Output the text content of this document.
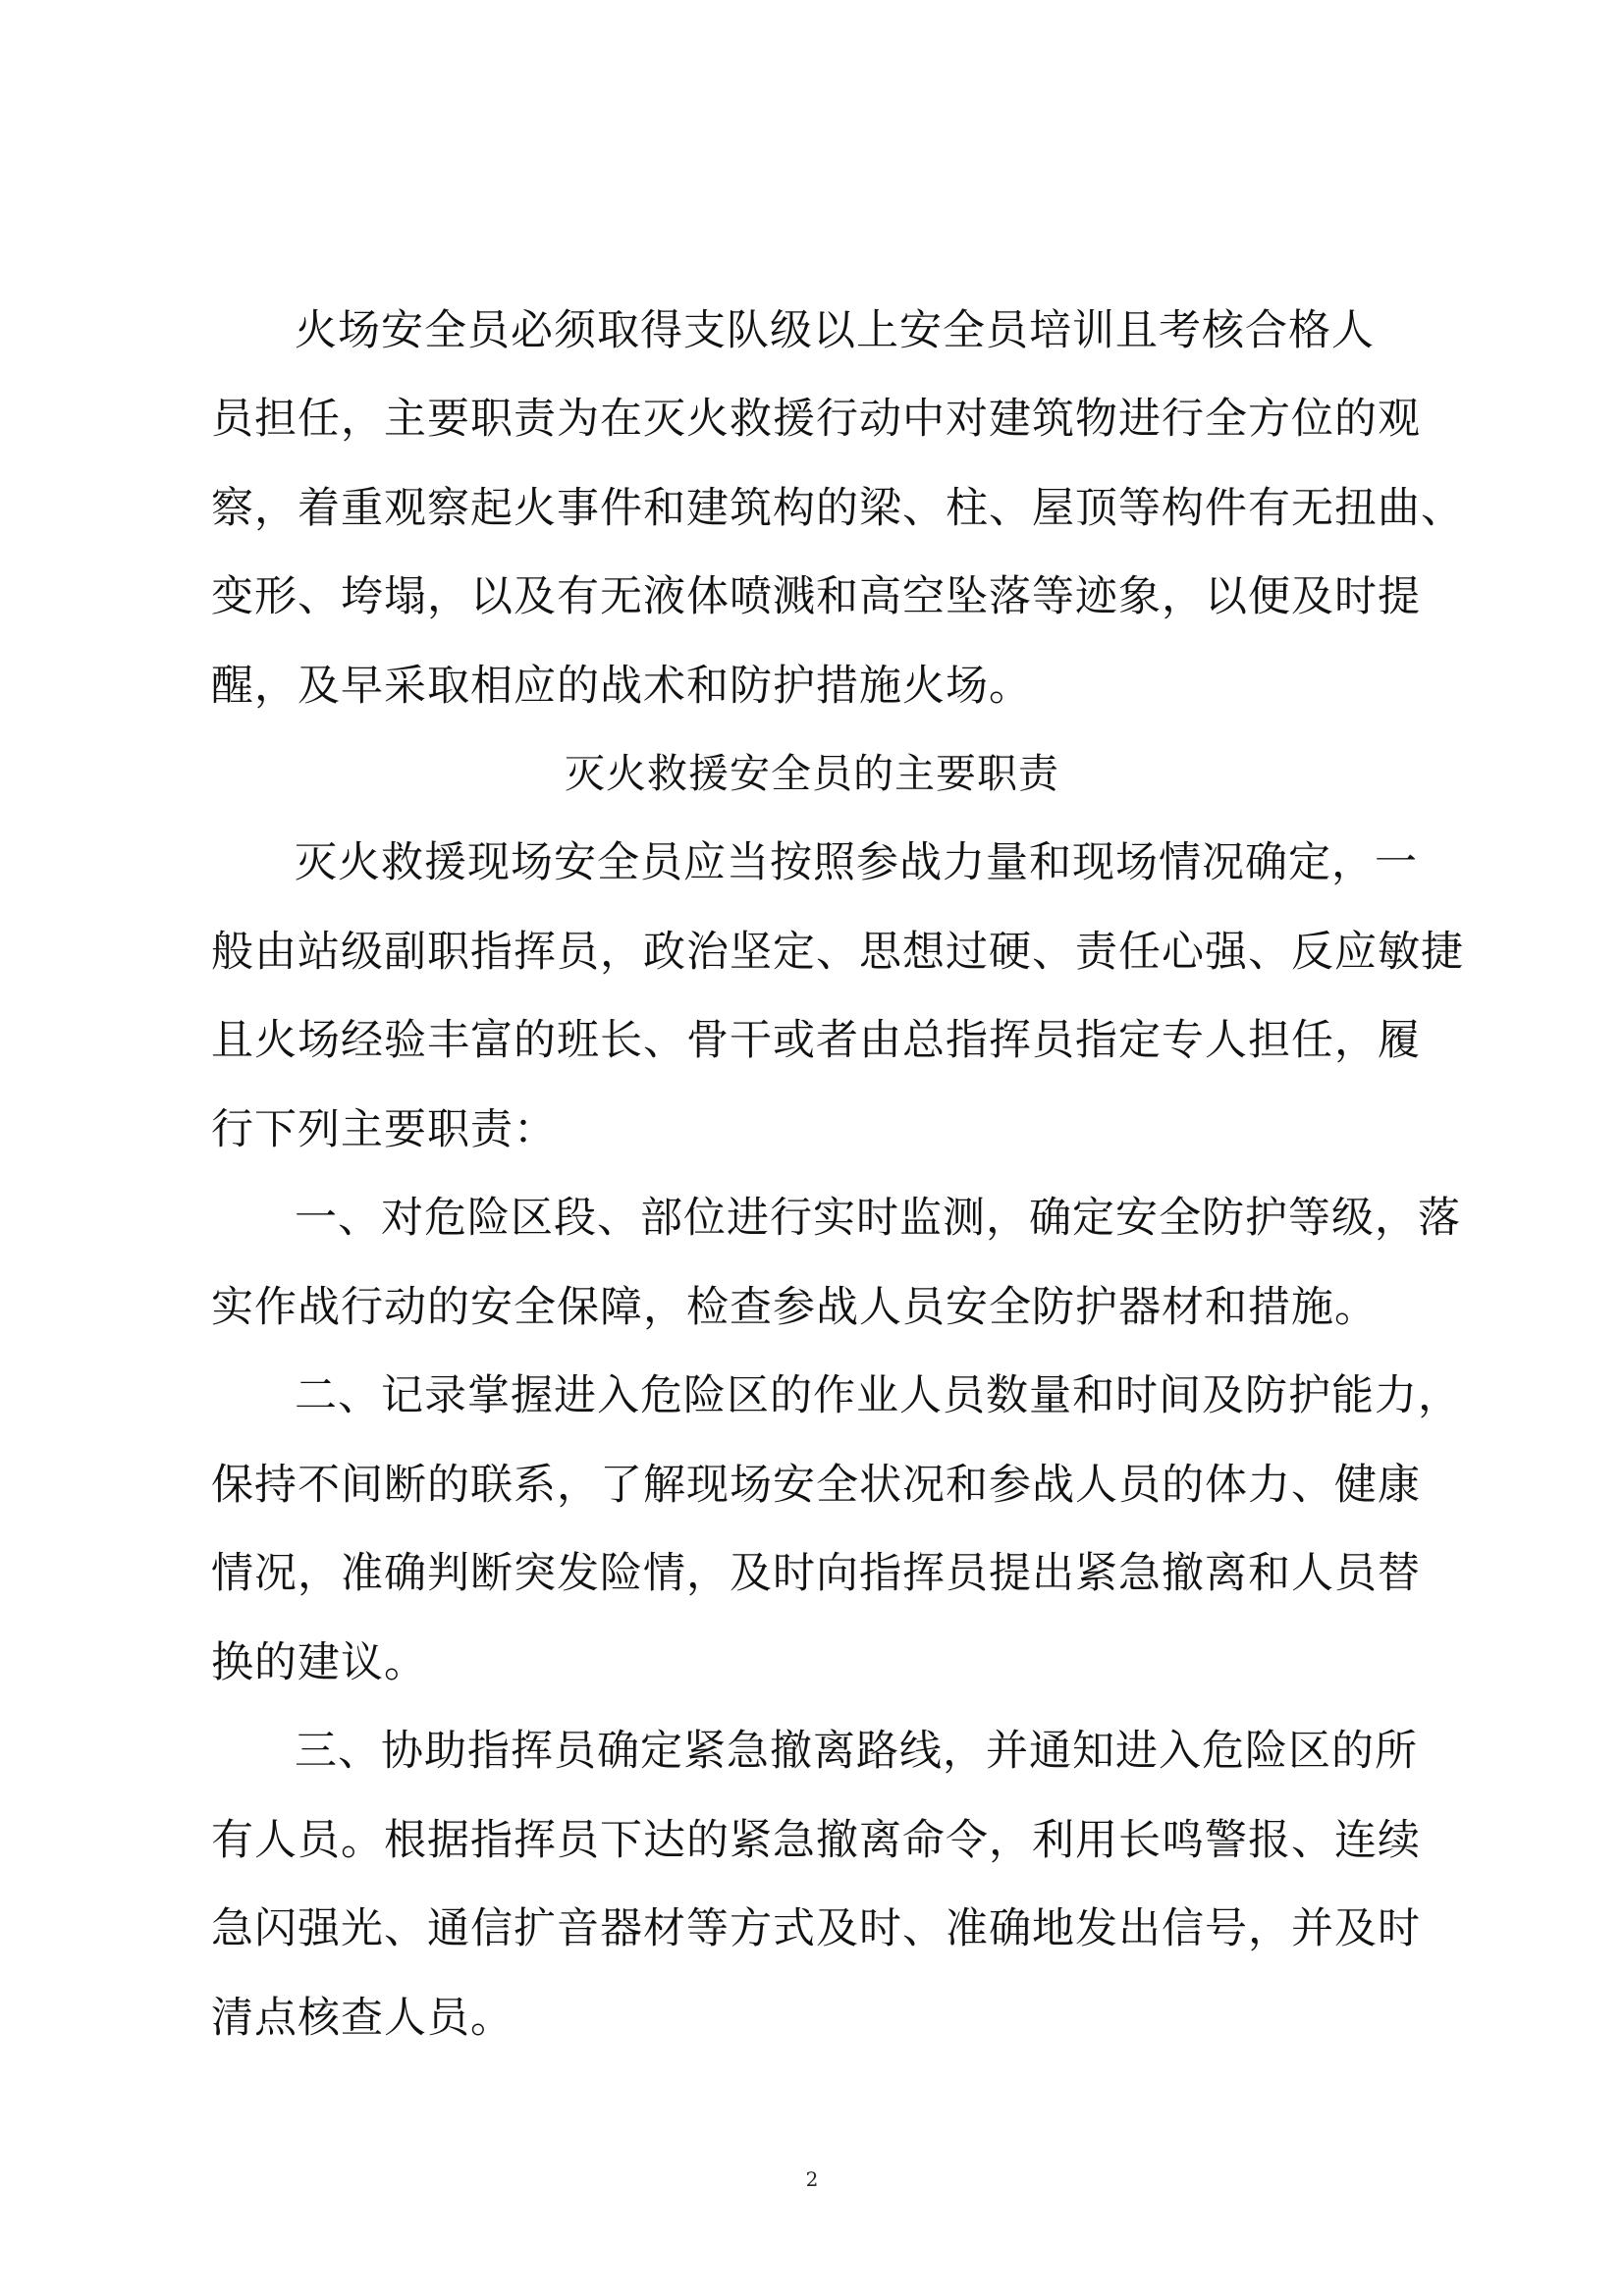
火场安全员必须取得支队级以上安全员培训且考核合格人
员担任，主要职责为在灭火救援行动中对建筑物进行全方位的观
察，着重观察起火事件和建筑构的梁、柱、屋顶等构件有无扭曲、
变形、垮塌，以及有无液体喷溅和高空坠落等迹象，以便及时提
醒，及早采取相应的战术和防护措施火场。
灭火救援安全员的主要职责
灭火救援现场安全员应当按照参战力量和现场情况确定，一
般由站级副职指挥员，政治坚定、思想过硬、责任心强、反应敏捷
且火场经验丰富的班长、骨干或者由总指挥员指定专人担任，履
行下列主要职责：
一、对危险区段、部位进行实时监测，确定安全防护等级，落
实作战行动的安全保障，检查参战人员安全防护器材和措施。
二、记录掌握进入危险区的作业人员数量和时间及防护能力，
保持不间断的联系，了解现场安全状况和参战人员的体力、健康
情况，准确判断突发险情，及时向指挥员提出紧急撤离和人员替
换的建议。
三、协助指挥员确定紧急撤离路线，并通知进入危险区的所
有人员。根据指挥员下达的紧急撤离命令，利用长鸣警报、连续
急闪强光、通信扩音器材等方式及时、准确地发出信号，并及时
清点核查人员。
2
